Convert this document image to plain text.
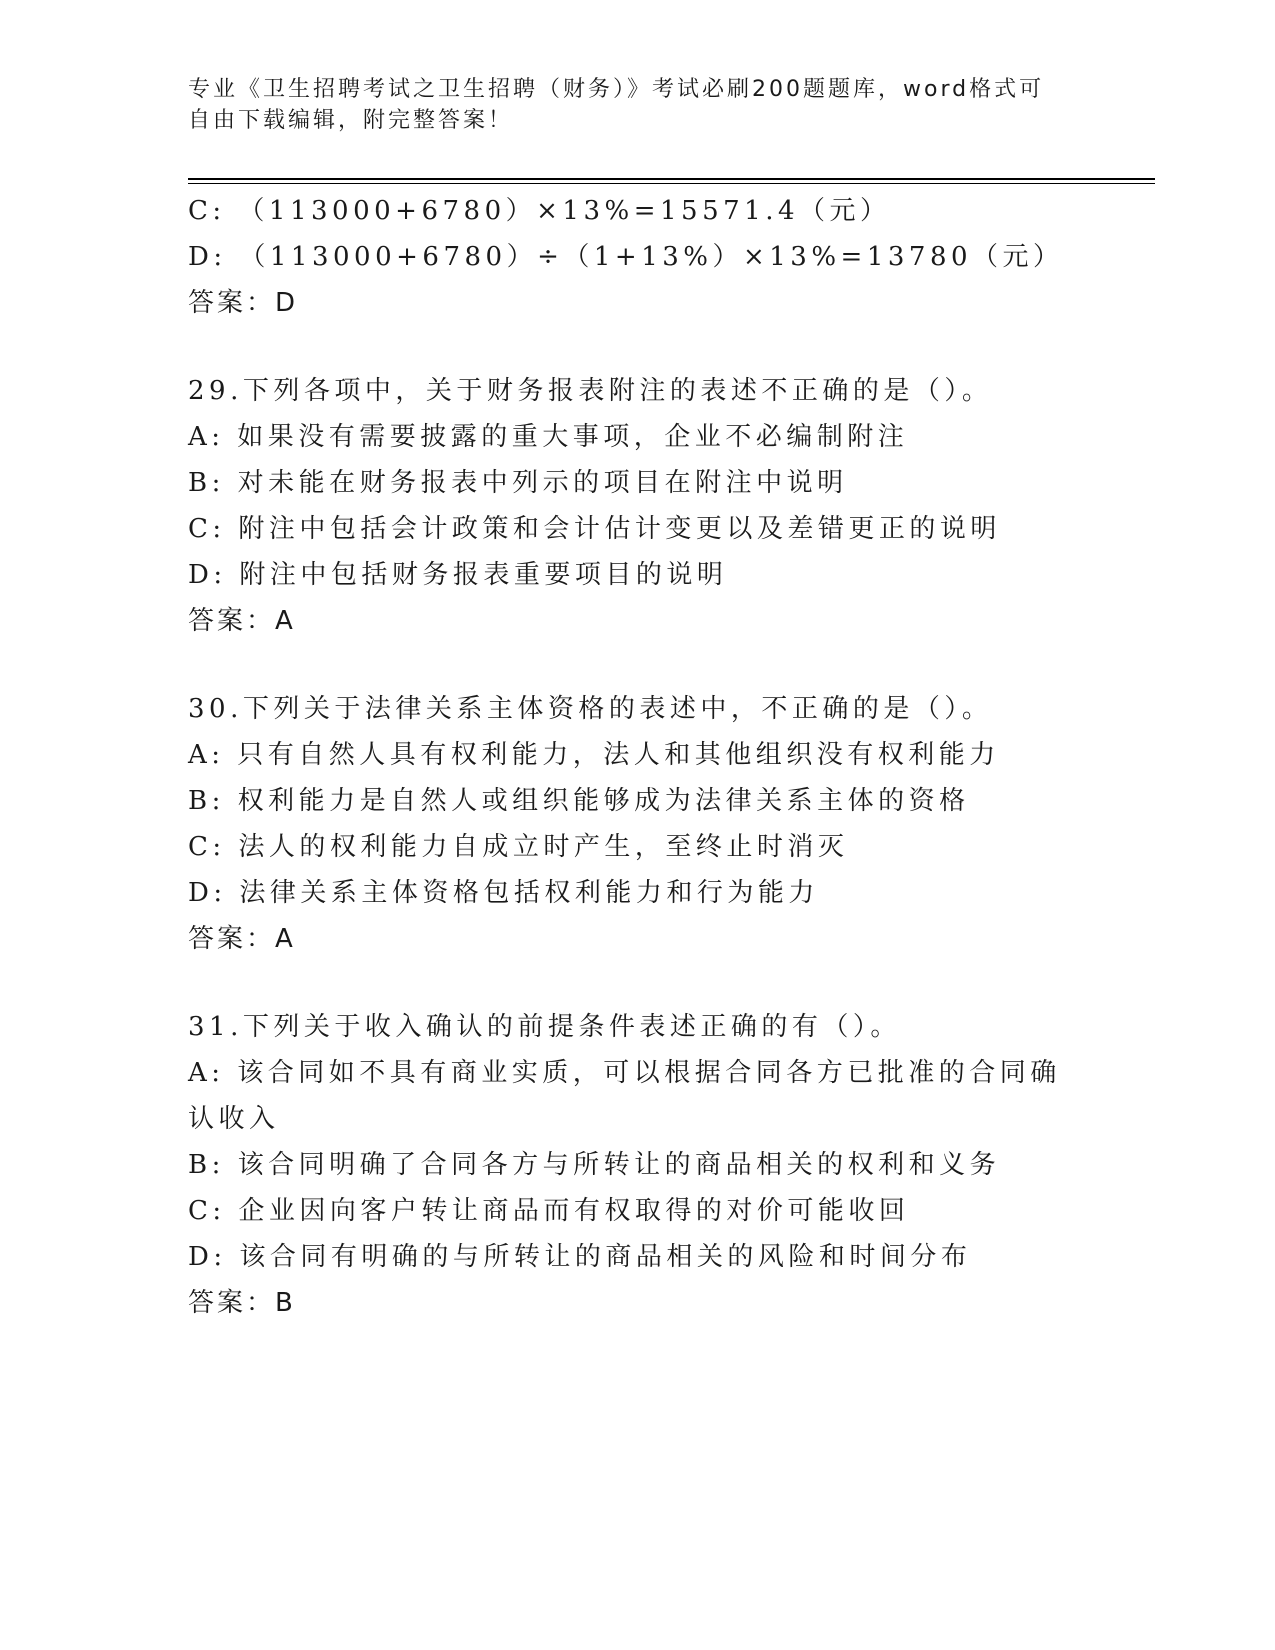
专业《卫生招聘考试之卫生招聘（财务）》考试必刷200题题库，word格式可自由下载编辑，附完整答案！
C: （113000+6780）×13%=15571.4（元）
D: （113000+6780）÷（1+13%）×13%=13780（元）
答案：D
29.下列各项中，关于财务报表附注的表述不正确的是（）。
A: 如果没有需要披露的重大事项，企业不必编制附注
B: 对未能在财务报表中列示的项目在附注中说明
C: 附注中包括会计政策和会计估计变更以及差错更正的说明
D: 附注中包括财务报表重要项目的说明
答案：A
30.下列关于法律关系主体资格的表述中，不正确的是（）。
A: 只有自然人具有权利能力，法人和其他组织没有权利能力
B: 权利能力是自然人或组织能够成为法律关系主体的资格
C: 法人的权利能力自成立时产生，至终止时消灭
D: 法律关系主体资格包括权利能力和行为能力
答案：A
31.下列关于收入确认的前提条件表述正确的有（）。
A: 该合同如不具有商业实质，可以根据合同各方已批准的合同确认收入
B: 该合同明确了合同各方与所转让的商品相关的权利和义务
C: 企业因向客户转让商品而有权取得的对价可能收回
D: 该合同有明确的与所转让的商品相关的风险和时间分布
答案：B
